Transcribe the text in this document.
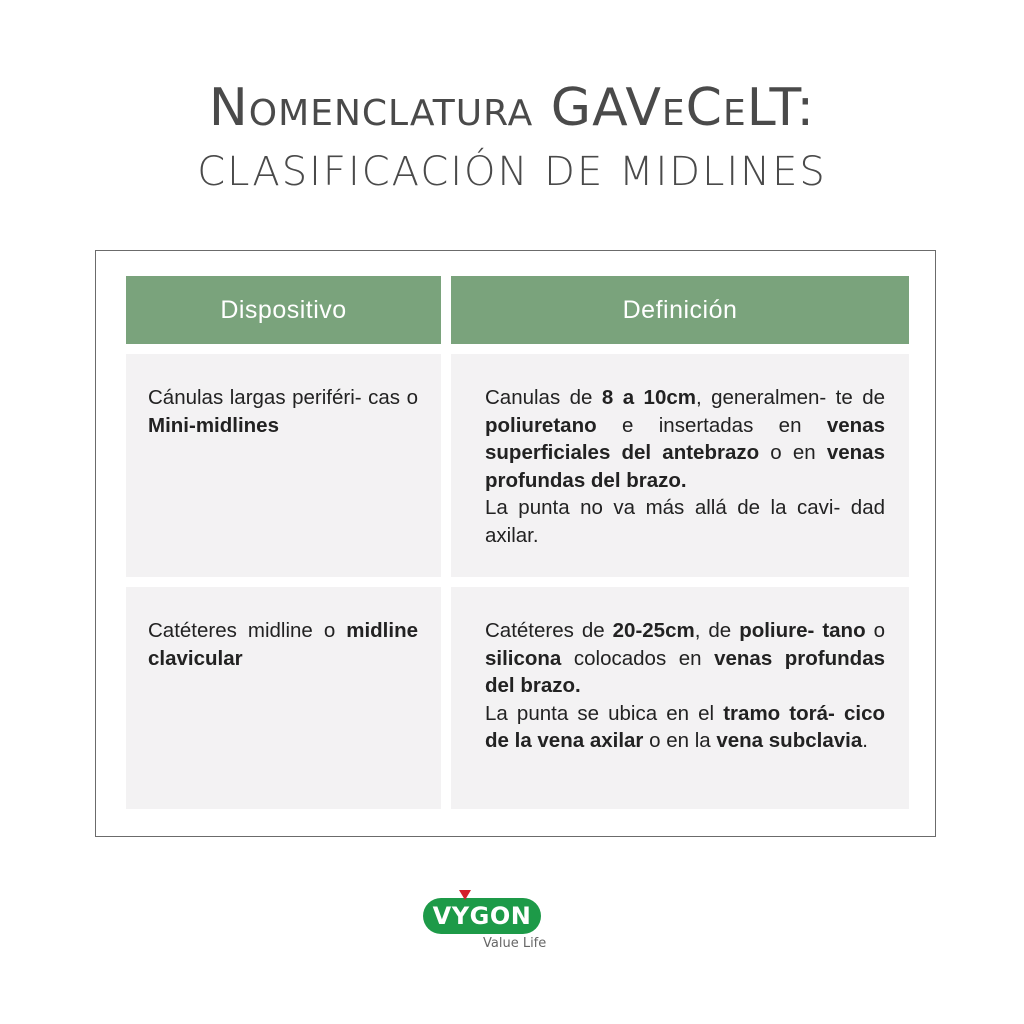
Nomenclatura GAVeCeLT:
CLASIFICACIÓN DE MIDLINES
Dispositivo	Definición

Cánulas largas periféri- cas o Mini-midlines

Canulas de 8 a 10cm, generalmen- te de poliuretano e insertadas en venas superficiales del antebrazo o en venas profundas del brazo.

La punta no va más allá de la cavi- dad axilar.

Catéteres midline o midline clavicular

Catéteres de 20-25cm, de poliure- tano o silicona colocados en venas profundas del brazo.

La punta se ubica en el tramo torá- cico de la vena axilar o en la vena subclavia.

VYGON
Value Life
